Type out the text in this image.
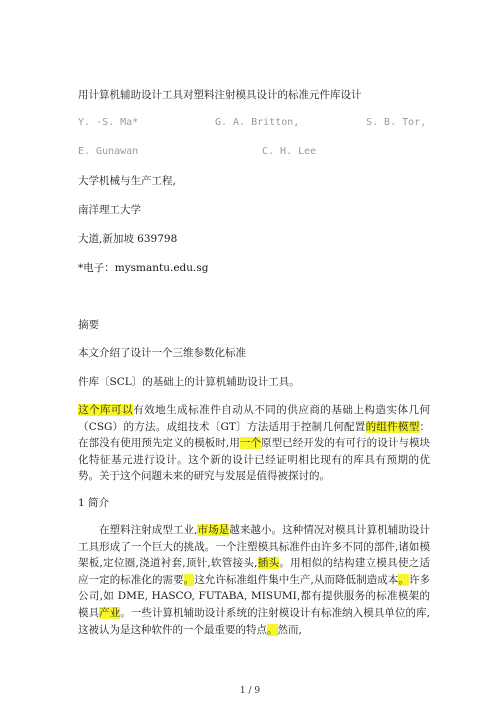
用计算机辅助设计工具对塑料注射模具设计的标准元件库设计
Y. -S. Ma*	G. A. Britton,	S. B. Tor,
E. Gunawan	C. H. Lee
大学机械与生产工程,
南洋理工大学
大道,新加坡 639798
*电子：mysmantu.edu.sg
摘要
本文介绍了设计一个三维参数化标准
件库〔SCL〕的基础上的计算机辅助设计工具。
这个库可以有效地生成标准件自动从不同的供应商的基础上构造实体几何（CSG）的方法。成组技术〔GT〕方法适用于控制几何配置的组件模型：在部没有使用预先定义的模板时,用一个原型已经开发的有可行的设计与模块化特征基元进行设计。这个新的设计已经证明相比现有的库具有预期的优势。关于这个问题未来的研究与发展是值得被探讨的。
1 简介
在塑料注射成型工业,市场是越来越小。这种情况对模具计算机辅助设计工具形成了一个巨大的挑战。一个注塑模具标准件由许多不同的部件,诸如模架板,定位圈,浇道衬套,顶针,软管接头,插头。用相似的结构建立模具使之适应一定的标准化的需要。这允许标准组件集中生产,从而降低制造成本。许多公司,如 DME, HASCO, FUTABA, MISUMI,都有提供服务的标准模架的模具产业。一些计算机辅助设计系统的注射模设计有标准纳入模具单位的库,这被认为是这种软件的一个最重要的特点。然而,
1 / 9
